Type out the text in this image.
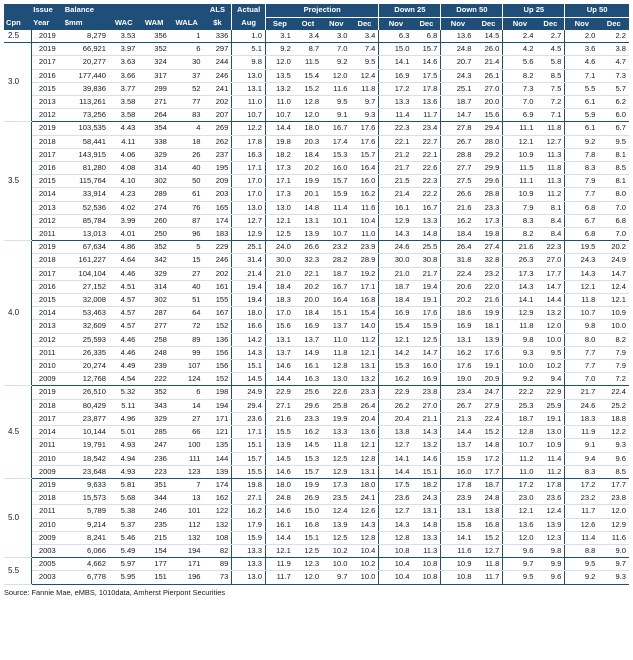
	Issue	Balance				ALS	Actual	Projection				Down 25		Down 50		Up 25		Up 50	
Cpn	Year	$mm	WAC	WAM	WALA	$k	Aug	Sep	Oct	Nov	Dec	Nov	Dec	Nov	Dec	Nov	Dec	Nov	Dec
2.5	2019	8,279	3.53	356	1	336	1.0	3.1	3.4	3.0	3.4	6.3	6.8	13.6	14.5	2.4	2.7	2.0	2.2
3.0	2019	66,921	3.97	352	6	297	5.1	9.2	8.7	7.0	7.4	15.0	15.7	24.8	26.0	4.2	4.5	3.6	3.8
	2017	20,277	3.63	324	30	244	9.8	12.0	11.5	9.2	9.5	14.1	14.6	20.7	21.4	5.6	5.8	4.6	4.7
	2016	177,440	3.66	317	37	246	13.0	13.5	15.4	12.0	12.4	16.9	17.5	24.3	26.1	8.2	8.5	7.1	7.3
	2015	39,836	3.77	299	52	241	13.1	13.2	15.2	11.6	11.8	17.2	17.8	25.1	27.0	7.3	7.5	5.5	5.7
	2013	113,261	3.58	271	77	202	11.0	11.0	12.8	9.5	9.7	13.3	13.6	18.7	20.0	7.0	7.2	6.1	6.2
	2012	73,256	3.58	264	83	207	10.7	10.7	12.0	9.1	9.3	11.4	11.7	14.7	15.6	6.9	7.1	5.9	6.0
3.5	2019	103,535	4.43	354	4	269	12.2	14.4	18.0	16.7	17.6	22.3	23.4	27.8	29.4	11.1	11.8	6.1	6.7
	2018	58,441	4.11	338	18	262	17.8	19.8	20.3	17.4	17.6	22.1	22.7	26.7	28.0	12.1	12.7	9.2	9.5
	2017	143,915	4.06	329	26	237	16.3	18.2	18.4	15.3	15.7	21.2	22.1	28.8	29.2	10.9	11.3	7.8	8.1
	2016	81,280	4.08	314	40	195	17.1	17.3	20.2	16.0	16.4	21.7	22.6	27.7	29.9	11.5	11.8	8.3	8.5
	2015	115,764	4.10	302	50	209	17.0	17.1	19.9	15.7	16.0	21.5	22.3	27.5	29.6	11.1	11.3	7.9	8.1
	2014	33,914	4.23	289	61	203	17.0	17.3	20.1	15.9	16.2	21.4	22.2	26.6	28.8	10.9	11.2	7.7	8.0
	2013	52,536	4.02	274	76	165	13.0	13.0	14.8	11.4	11.6	16.1	16.7	21.6	23.3	7.9	8.1	6.8	7.0
	2012	85,784	3.99	260	87	174	12.7	12.1	13.1	10.1	10.4	12.9	13.3	16.2	17.3	8.3	8.4	6.7	6.8
	2011	13,013	4.01	250	96	183	12.9	12.5	13.9	10.7	11.0	14.3	14.8	18.4	19.8	8.2	8.4	6.8	7.0
4.0	2019	67,634	4.86	352	5	229	25.1	24.0	26.6	23.2	23.9	24.6	25.5	26.4	27.4	21.6	22.3	19.5	20.2
	2018	161,227	4.64	342	15	246	31.4	30.0	32.3	28.2	28.9	30.0	30.8	31.8	32.8	26.3	27.0	24.3	24.9
	2017	104,104	4.46	329	27	202	21.4	21.0	22.1	18.7	19.2	21.0	21.7	22.4	23.2	17.3	17.7	14.3	14.7
	2016	27,152	4.51	314	40	161	19.4	18.4	20.2	16.7	17.1	18.7	19.4	20.6	22.0	14.3	14.7	12.1	12.4
	2015	32,008	4.57	302	51	155	19.4	18.3	20.0	16.4	16.8	18.4	19.1	20.2	21.6	14.1	14.4	11.8	12.1
	2014	53,463	4.57	287	64	167	18.0	17.0	18.4	15.1	15.4	16.9	17.6	18.6	19.9	12.9	13.2	10.7	10.9
	2013	32,609	4.57	277	72	152	16.6	15.6	16.9	13.7	14.0	15.4	15.9	16.9	18.1	11.8	12.0	9.8	10.0
	2012	25,593	4.46	258	89	136	14.2	13.1	13.7	11.0	11.2	12.1	12.5	13.1	13.9	9.8	10.0	8.0	8.2
	2011	26,335	4.46	248	99	156	14.3	13.7	14.9	11.8	12.1	14.2	14.7	16.2	17.6	9.3	9.5	7.7	7.9
	2010	20,274	4.49	239	107	156	15.1	14.6	16.1	12.8	13.1	15.3	16.0	17.6	19.1	10.0	10.2	7.7	7.9
	2009	12,768	4.54	222	124	152	14.5	14.4	16.3	13.0	13.2	16.2	16.9	19.0	20.9	9.2	9.4	7.0	7.2
4.5	2019	26,510	5.32	352	6	198	24.9	22.9	25.6	22.6	23.3	22.9	23.8	23.4	24.7	22.2	22.9	21.7	22.4
	2018	80,429	5.11	343	14	194	29.4	27.1	29.6	25.8	26.4	26.2	27.0	26.7	27.9	25.3	25.9	24.6	25.2
	2017	23,877	4.96	329	27	171	23.6	21.6	23.3	19.9	20.4	20.4	21.1	21.3	22.4	18.7	19.1	18.3	18.8
	2014	10,144	5.01	285	66	121	17.1	15.5	16.2	13.3	13.6	13.8	14.3	14.4	15.2	12.8	13.0	11.9	12.2
	2011	19,791	4.93	247	100	135	15.1	13.9	14.5	11.8	12.1	12.7	13.2	13.7	14.8	10.7	10.9	9.1	9.3
	2010	18,542	4.94	236	111	144	15.7	14.5	15.3	12.5	12.8	14.1	14.6	15.9	17.2	11.2	11.4	9.4	9.6
	2009	23,648	4.93	223	123	139	15.5	14.6	15.7	12.9	13.1	14.4	15.1	16.0	17.7	11.0	11.2	8.3	8.5
5.0	2019	9,633	5.81	351	7	174	19.8	18.0	19.9	17.3	18.0	17.5	18.2	17.8	18.7	17.2	17.8	17.2	17.7
	2018	15,573	5.68	344	13	162	27.1	24.8	26.9	23.5	24.1	23.6	24.3	23.9	24.8	23.0	23.6	23.2	23.8
	2011	5,789	5.38	246	101	122	16.2	14.6	15.0	12.4	12.6	12.7	13.1	13.1	13.8	12.1	12.4	11.7	12.0
	2010	9,214	5.37	235	112	132	17.9	16.1	16.8	13.9	14.3	14.3	14.8	15.8	16.8	13.6	13.9	12.6	12.9
	2009	8,241	5.46	215	132	108	15.9	14.4	15.1	12.5	12.8	12.8	13.3	14.1	15.2	12.0	12.3	11.4	11.6
	2003	6,066	5.49	154	194	82	13.3	12.1	12.5	10.2	10.4	10.8	11.3	11.6	12.7	9.6	9.8	8.8	9.0
5.5	2005	4,662	5.97	177	171	89	13.3	11.9	12.3	10.0	10.2	10.4	10.8	10.9	11.8	9.7	9.9	9.5	9.7
	2003	6,778	5.95	151	196	73	13.0	11.7	12.0	9.7	10.0	10.4	10.8	10.8	11.7	9.5	9.6	9.2	9.3
Source: Fannie Mae, eMBS, 1010data, Amherst Pierpont Securities
